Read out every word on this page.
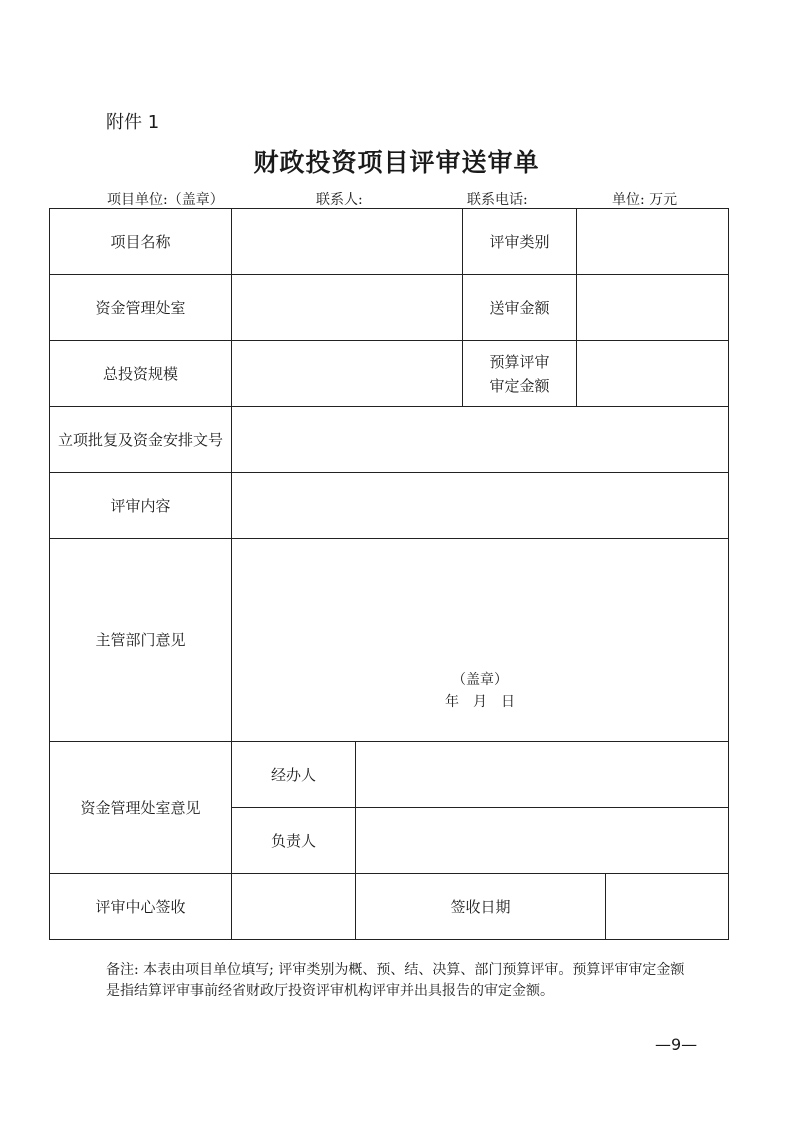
附件 1
财政投资项目评审送审单
项目单位:（盖章）	联系人:	联系电话:	单位: 万元
项目名称			评审类别		
资金管理处室			送审金额		
总投资规模			预算评审
审定金额		

立项批复及资金安排文号					
评审内容					
主管部门意见	（盖章）
年　月　日				

资金管理处室意见	经办人				
	负责人				
评审中心签收		签收日期			
备注: 本表由项目单位填写; 评审类别为概、预、结、决算、部门预算评审。预算评审审定金额是指结算评审事前经省财政厅投资评审机构评审并出具报告的审定金额。
—9—
